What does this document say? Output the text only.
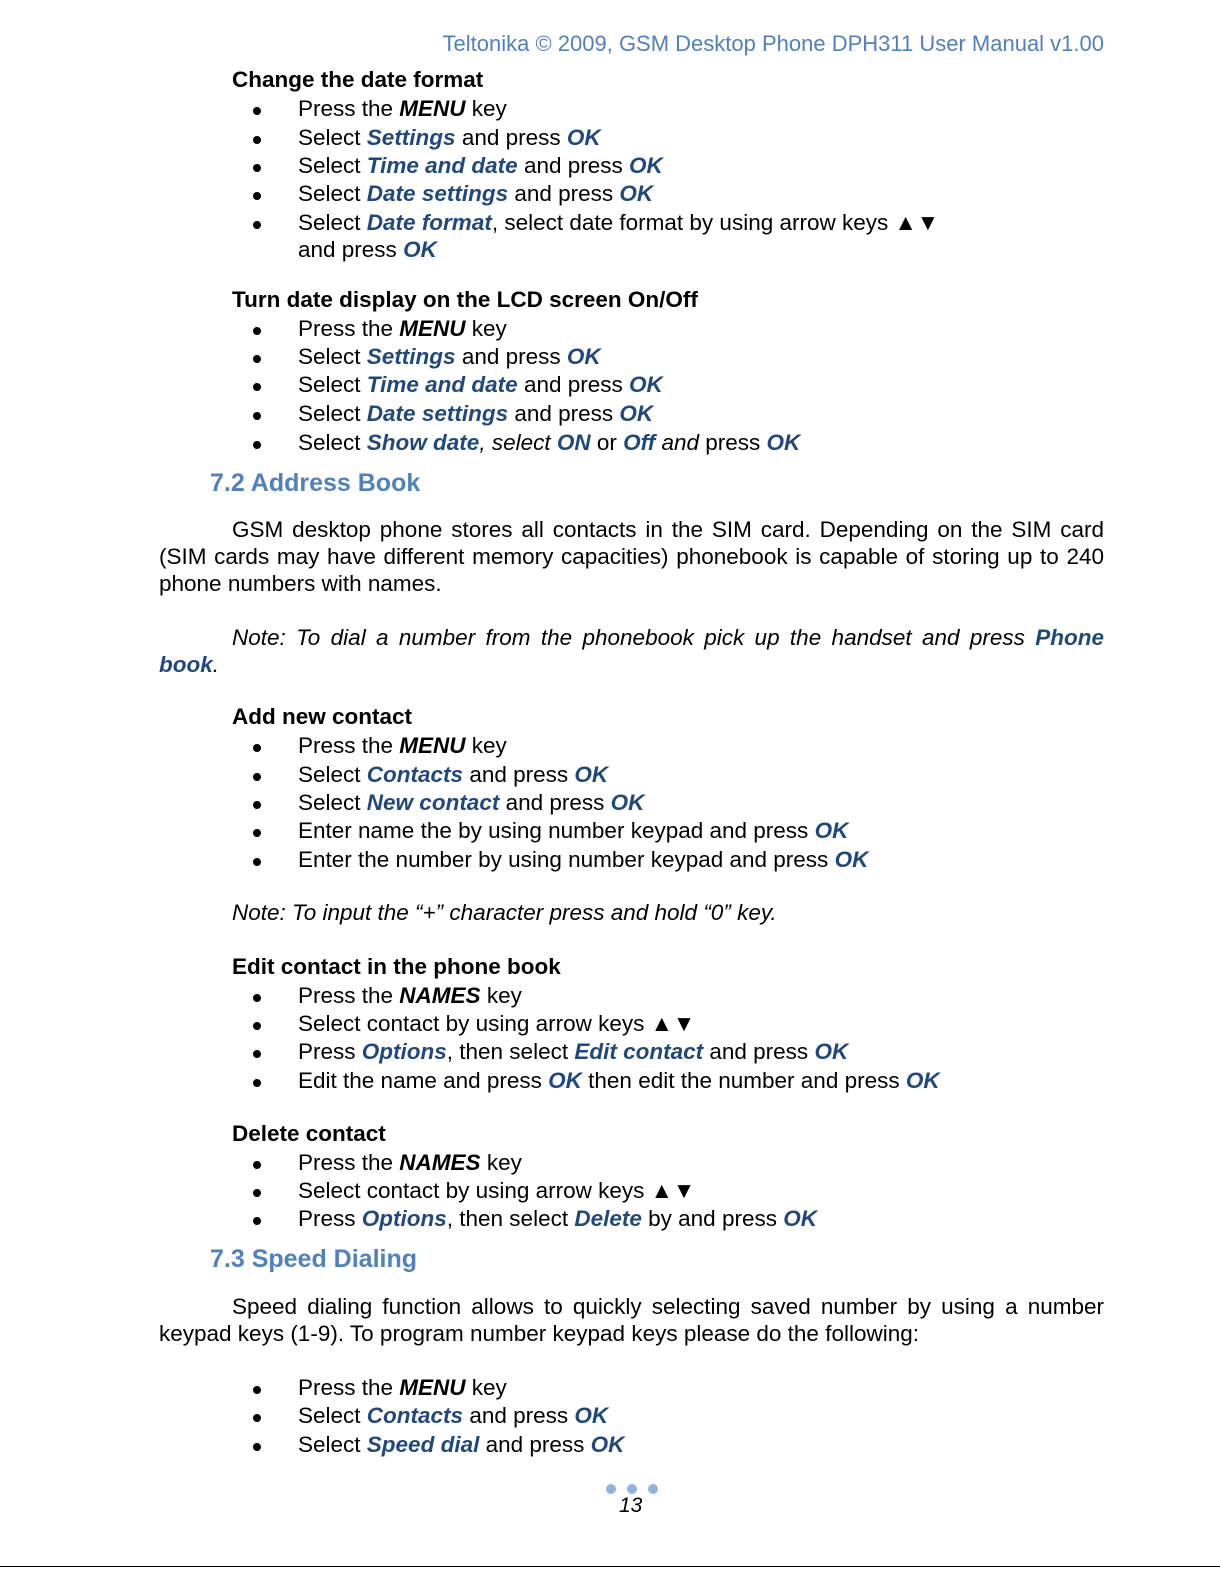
Teltonika © 2009, GSM Desktop Phone DPH311 User Manual v1.00
Change the date format
Press the MENU key
Select Settings and press OK
Select Time and date and press OK
Select Date settings and press OK
Select Date format, select date format by using arrow keys ▲▼
and press OK
Turn date display on the LCD screen On/Off
Press the MENU key
Select Settings and press OK
Select Time and date and press OK
Select Date settings and press OK
Select Show date, select ON or Off and press OK
7.2 Address Book
GSM desktop phone stores all contacts in the SIM card. Depending on the SIM card (SIM cards may have different memory capacities) phonebook is capable of storing up to 240 phone numbers with names.
Note: To dial a number from the phonebook pick up the handset and press Phone book.
Add new contact
Press the MENU key
Select Contacts and press OK
Select New contact and press OK
Enter name the by using number keypad and press OK
Enter the number by using number keypad and press OK
Note: To input the “+” character press and hold “0” key.
Edit contact in the phone book
Press the NAMES key
Select contact by using arrow keys ▲▼
Press Options, then select Edit contact and press OK
Edit the name and press OK then edit the number and press OK
Delete contact
Press the NAMES key
Select contact by using arrow keys ▲▼
Press Options, then select Delete by and press OK
7.3 Speed Dialing
Speed dialing function allows to quickly selecting saved number by using a number keypad keys (1-9). To program number keypad keys please do the following:
Press the MENU key
Select Contacts and press OK
Select Speed dial and press OK
13
